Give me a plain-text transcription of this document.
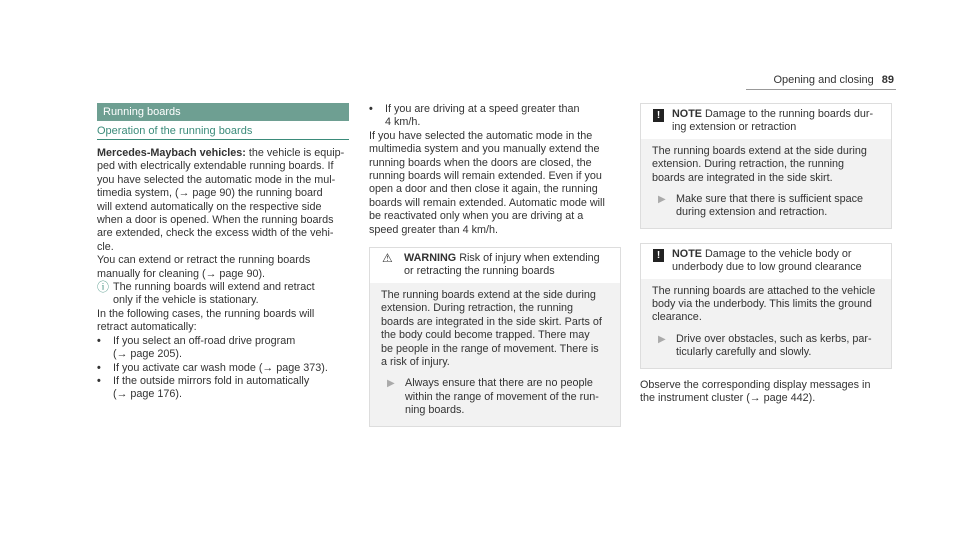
Opening and closing 89
Running boards
Operation of the running boards

Mercedes-Maybach vehicles: the vehicle is equip-
ped with electrically extendable running boards. If
you have selected the automatic mode in the mul-
timedia system, (→ page 90) the running board
will extend automatically on the respective side
when a door is opened. When the running boards
are extended, check the excess width of the vehi-
cle.

You can extend or retract the running boards
manually for cleaning (→ page 90).

ⓘ The running boards will extend and retract
only if the vehicle is stationary.

In the following cases, the running boards will
retract automatically:

•	If you select an off-road drive program
(→ page 205).
•	If you activate car wash mode (→ page 373).
•	If the outside mirrors fold in automatically
(→ page 176).
•	If you are driving at a speed greater than
4 km/h.

If you have selected the automatic mode in the
multimedia system and you manually extend the
running boards when the doors are closed, the
running boards will remain extended. Even if you
open a door and then close it again, the running
boards will remain extended. Automatic mode will
be reactivated only when you are driving at a
speed greater than 4 km/h.

⚠ WARNING Risk of injury when extending
or retracting the running boards
The running boards extend at the side during
extension. During retraction, the running
boards are integrated in the side skirt. Parts of
the body could become trapped. There may
be people in the range of movement. There is
a risk of injury.
▶ Always ensure that there are no people
within the range of movement of the run-
ning boards.
!	NOTE Damage to the running boards dur-
ing extension or retraction
The running boards extend at the side during
extension. During retraction, the running
boards are integrated in the side skirt.
▶ Make sure that there is sufficient space
during extension and retraction.
!	NOTE Damage to the vehicle body or
underbody due to low ground clearance
The running boards are attached to the vehicle
body via the underbody. This limits the ground
clearance.
▶ Drive over obstacles, such as kerbs, par-
ticularly carefully and slowly.

Observe the corresponding display messages in
the instrument cluster (→ page 442).
